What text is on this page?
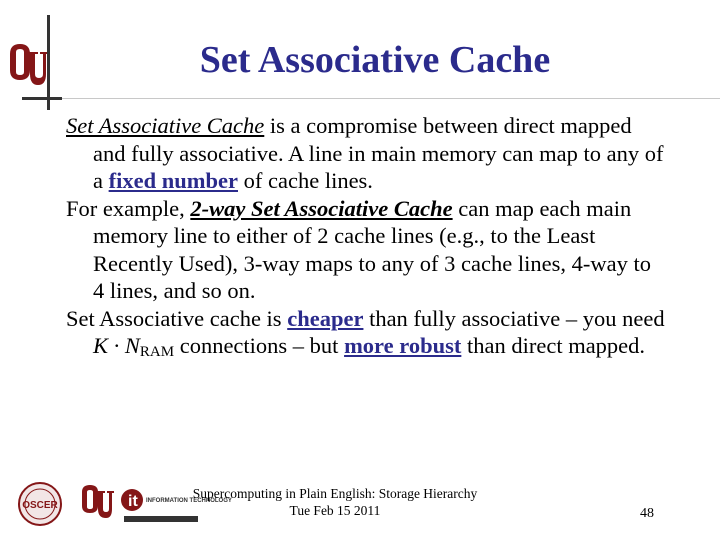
Set Associative Cache

Set Associative Cache is a compromise between direct mapped and fully associative. A line in main memory can map to any of a fixed number of cache lines.

For example, 2-way Set Associative Cache can map each main memory line to either of 2 cache lines (e.g., to the Least Recently Used), 3-way maps to any of 3 cache lines, 4-way to 4 lines, and so on.

Set Associative cache is cheaper than fully associative – you need $K \cdot N_{RAM}$ connections – but more robust than direct mapped.

OSCER	it INFORMATION TECHNOLOGY
Supercomputing in Plain English: Storage Hierarchy
Tue Feb 15 2011	48
